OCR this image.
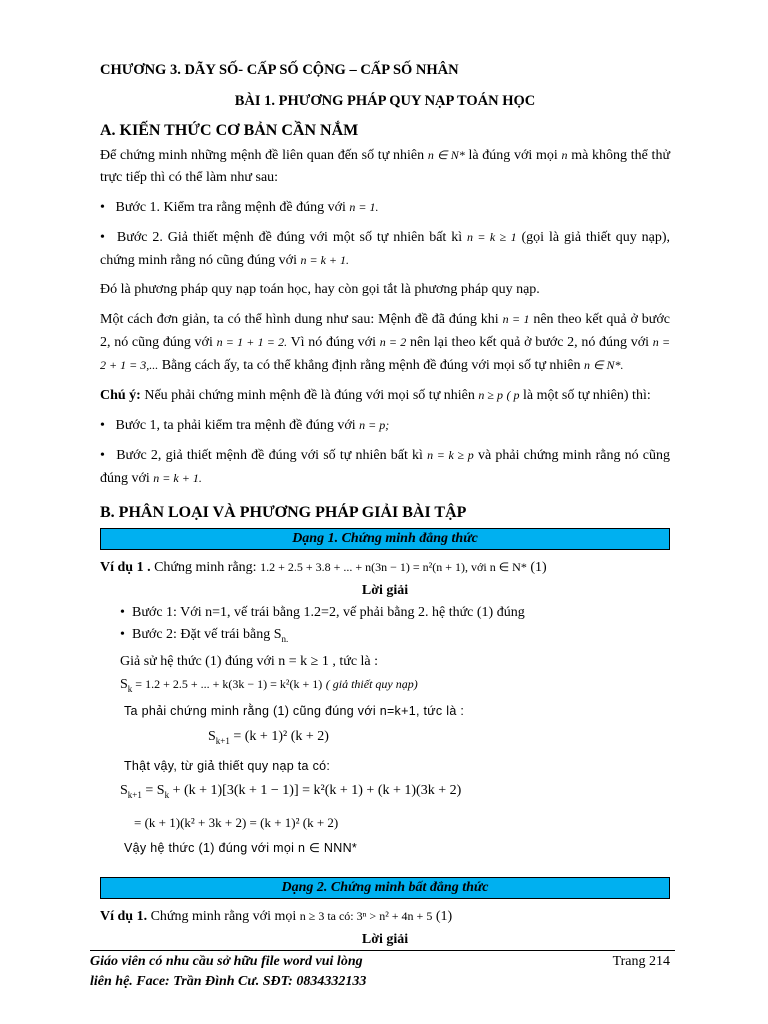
CHƯƠNG 3. DÃY SỐ- CẤP SỐ CỘNG – CẤP SỐ NHÂN
BÀI 1. PHƯƠNG PHÁP QUY NẠP TOÁN HỌC
A. KIẾN THỨC CƠ BẢN CẦN NẮM

Để chứng minh những mệnh đề liên quan đến số tự nhiên n ∈ N* là đúng với mọi n mà không thể thử trực tiếp thì có thể làm như sau:

• Bước 1. Kiểm tra rằng mệnh đề đúng với n = 1.

• Bước 2. Giả thiết mệnh đề đúng với một số tự nhiên bất kì n = k ≥ 1 (gọi là giả thiết quy nạp), chứng minh rằng nó cũng đúng với n = k + 1.

Đó là phương pháp quy nạp toán học, hay còn gọi tắt là phương pháp quy nạp.

Một cách đơn giản, ta có thể hình dung như sau: Mệnh đề đã đúng khi n = 1 nên theo kết quả ở bước 2, nó cũng đúng với n = 1 + 1 = 2. Vì nó đúng với n = 2 nên lại theo kết quả ở bước 2, nó đúng với n = 2 + 1 = 3,... Bằng cách ấy, ta có thể khẳng định rằng mệnh đề đúng với mọi số tự nhiên n ∈ N*.

Chú ý: Nếu phải chứng minh mệnh đề là đúng với mọi số tự nhiên n ≥ p ( p là một số tự nhiên) thì:

• Bước 1, ta phải kiểm tra mệnh đề đúng với n = p;

• Bước 2, giả thiết mệnh đề đúng với số tự nhiên bất kì n = k ≥ p và phải chứng minh rằng nó cũng đúng với n = k + 1.

B. PHÂN LOẠI VÀ PHƯƠNG PHÁP GIẢI BÀI TẬP
Dạng 1. Chứng minh đẳng thức
Ví dụ 1 . Chứng minh rằng: 1.2 + 2.5 + 3.8 + ... + n(3n − 1) = n²(n + 1), với n ∈ N* (1)
Lời giải
• Bước 1: Với n=1, vế trái bằng 1.2=2, vế phải bằng 2. hệ thức (1) đúng
• Bước 2: Đặt vế trái bằng $S_{n.}$
Giả sử hệ thức (1) đúng với n = k ≥ 1 , tức là :
$S_k = 1.2 + 2.5$ + ... + k(3k − 1) = k²(k + 1) ( giả thiết quy nạp)
Ta phải chứng minh rằng (1) cũng đúng với n=k+1, tức là :
$S_{k+1} = (k + 1)^2$ (k + 2)
Thật vậy, từ giả thiết quy nạp ta có:
$S_{k+1} = S_k + (k + 1)[3(k + 1 - 1)] = k^2(k + 1) + (k + 1)(3k + 2)$
= (k + 1)(k² + 3k + 2) = (k + 1)² (k + 2)
Vậy hệ thức (1) đúng với mọi n ∈ NNN*
Dạng 2. Chứng minh bất đẳng thức
Ví dụ 1. Chứng minh rằng với mọi n ≥ 3 ta có: 3ⁿ > n² + 4n + 5 (1)
Lời giải
Giáo viên có nhu cầu sở hữu file word vui lòng
liên hệ. Face: Trần Đình Cư. SĐT: 0834332133
Trang 214
